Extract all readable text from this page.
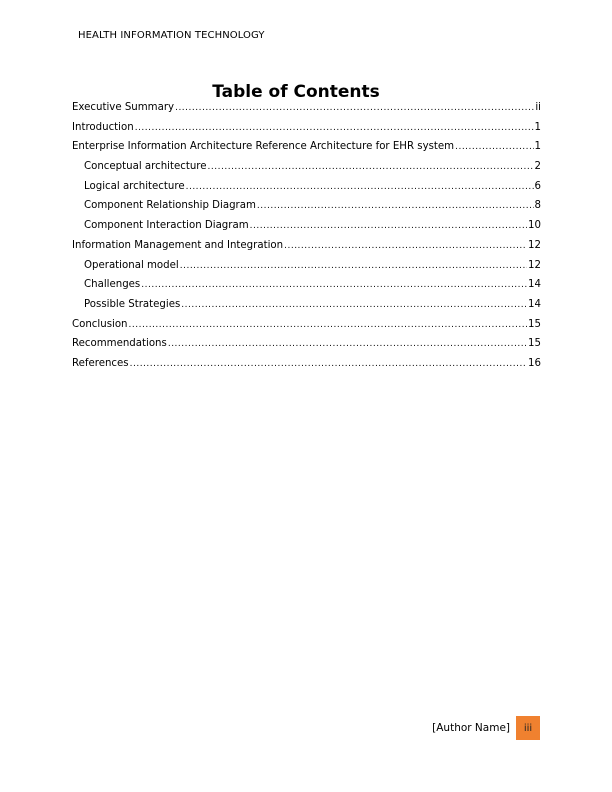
HEALTH INFORMATION TECHNOLOGY
Table of Contents
Executive Summary .....	ii
Introduction .....	1
Enterprise Information Architecture Reference Architecture for EHR system .....	1
Conceptual architecture .....	2
Logical architecture .....	6
Component Relationship Diagram .....	8
Component Interaction Diagram .....	10
Information Management and Integration .....	12
Operational model .....	12
Challenges .....	14
Possible Strategies .....	14
Conclusion .....	15
Recommendations .....	15
References .....	16
[Author Name]	iii
